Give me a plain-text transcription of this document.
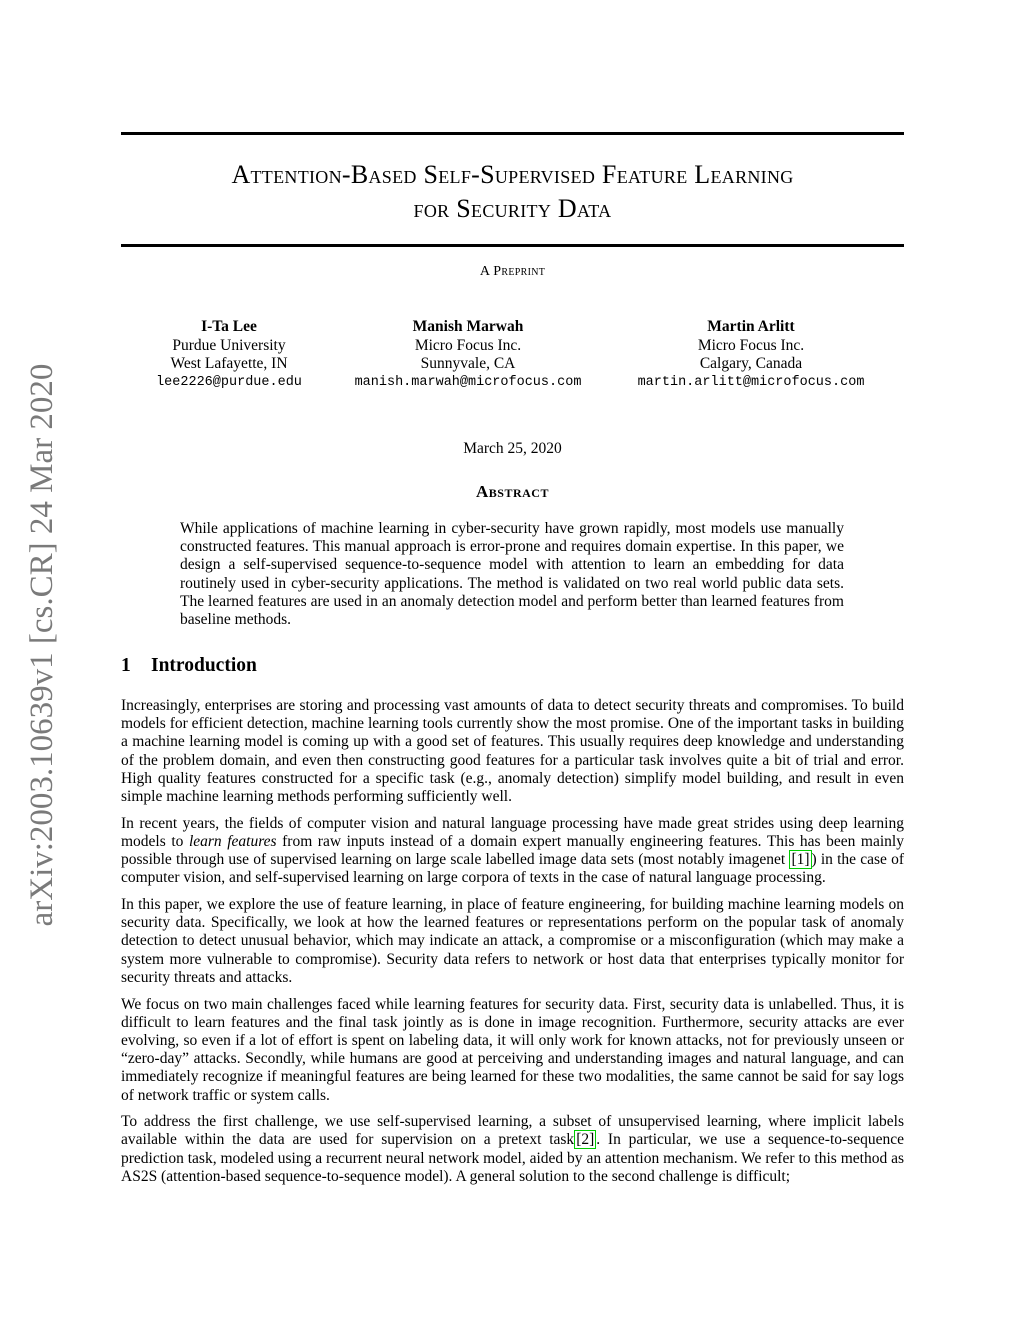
arXiv:2003.10639v1 [cs.CR] 24 Mar 2020
Attention-Based Self-Supervised Feature Learning
for Security Data
A Preprint
I-Ta Lee
Purdue University
West Lafayette, IN
lee2226@purdue.edu
Manish Marwah
Micro Focus Inc.
Sunnyvale, CA
manish.marwah@microfocus.com
Martin Arlitt
Micro Focus Inc.
Calgary, Canada
martin.arlitt@microfocus.com
March 25, 2020
Abstract
While applications of machine learning in cyber-security have grown rapidly, most models use manually constructed features. This manual approach is error-prone and requires domain expertise. In this paper, we design a self-supervised sequence-to-sequence model with attention to learn an embedding for data routinely used in cyber-security applications. The method is validated on two real world public data sets. The learned features are used in an anomaly detection model and perform better than learned features from baseline methods.
1 Introduction

Increasingly, enterprises are storing and processing vast amounts of data to detect security threats and compromises. To build models for efficient detection, machine learning tools currently show the most promise. One of the important tasks in building a machine learning model is coming up with a good set of features. This usually requires deep knowledge and understanding of the problem domain, and even then constructing good features for a particular task involves quite a bit of trial and error. High quality features constructed for a specific task (e.g., anomaly detection) simplify model building, and result in even simple machine learning methods performing sufficiently well.

In recent years, the fields of computer vision and natural language processing have made great strides using deep learning models to learn features from raw inputs instead of a domain expert manually engineering features. This has been mainly possible through use of supervised learning on large scale labelled image data sets (most notably imagenet [1] ) in the case of computer vision, and self-supervised learning on large corpora of texts in the case of natural language processing.

In this paper, we explore the use of feature learning, in place of feature engineering, for building machine learning models on security data. Specifically, we look at how the learned features or representations perform on the popular task of anomaly detection to detect unusual behavior, which may indicate an attack, a compromise or a misconfiguration (which may make a system more vulnerable to compromise). Security data refers to network or host data that enterprises typically monitor for security threats and attacks.

We focus on two main challenges faced while learning features for security data. First, security data is unlabelled. Thus, it is difficult to learn features and the final task jointly as is done in image recognition. Furthermore, security attacks are ever evolving, so even if a lot of effort is spent on labeling data, it will only work for known attacks, not for previously unseen or “zero-day” attacks. Secondly, while humans are good at perceiving and understanding images and natural language, and can immediately recognize if meaningful features are being learned for these two modalities, the same cannot be said for say logs of network traffic or system calls.

To address the first challenge, we use self-supervised learning, a subset of unsupervised learning, where implicit labels available within the data are used for supervision on a pretext task [2] . In particular, we use a sequence-to-sequence prediction task, modeled using a recurrent neural network model, aided by an attention mechanism. We refer to this method as AS2S (attention-based sequence-to-sequence model). A general solution to the second challenge is difficult;
